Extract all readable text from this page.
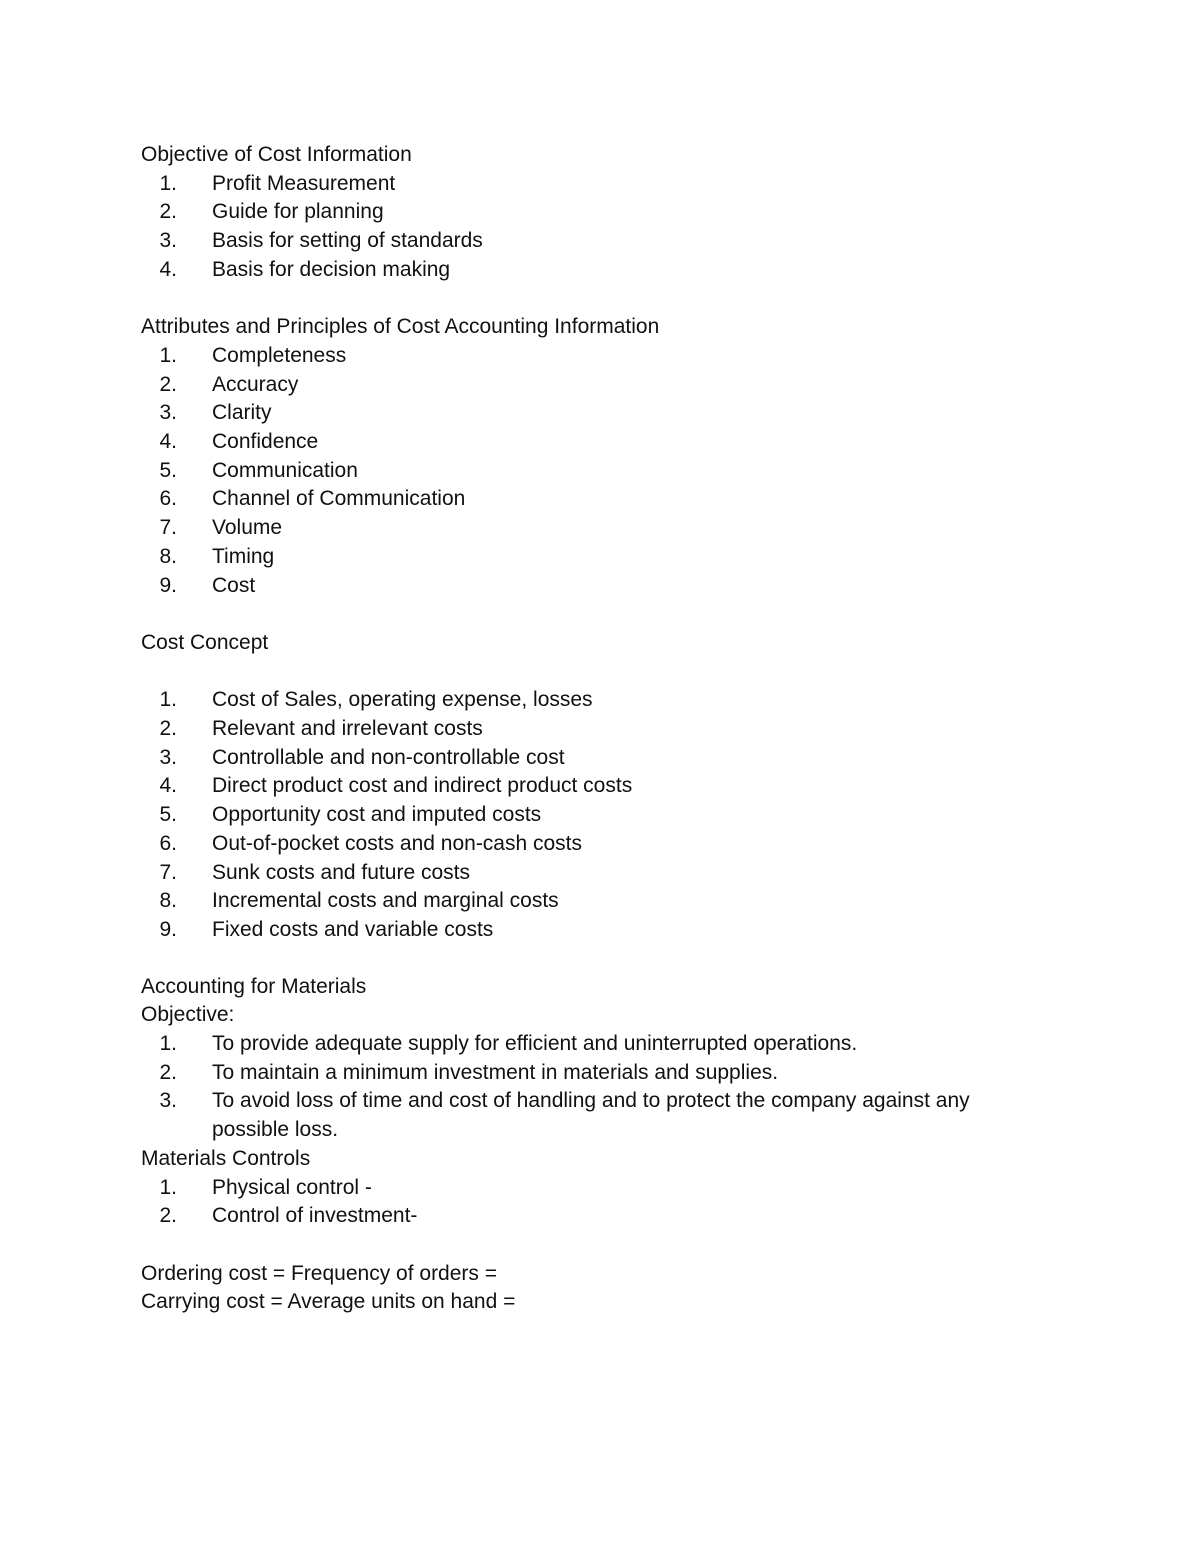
Objective of Cost Information

1.	Profit Measurement
2.	Guide for planning
3.	Basis for setting of standards
4.	Basis for decision making

Attributes and Principles of Cost Accounting Information

1.	Completeness
2.	Accuracy
3.	Clarity
4.	Confidence
5.	Communication
6.	Channel of Communication
7.	Volume
8.	Timing
9.	Cost

Cost Concept

1.	Cost of Sales, operating expense, losses
2.	Relevant and irrelevant costs
3.	Controllable and non-controllable cost
4.	Direct product cost and indirect product costs
5.	Opportunity cost and imputed costs
6.	Out-of-pocket costs and non-cash costs
7.	Sunk costs and future costs
8.	Incremental costs and marginal costs
9.	Fixed costs and variable costs

Accounting for Materials

Objective:

1.	To provide adequate supply for efficient and uninterrupted operations.
2.	To maintain a minimum investment in materials and supplies.
3.	To avoid loss of time and cost of handling and to protect the company against any possible loss.

Materials Controls

1.	Physical control -
2.	Control of investment-

Ordering cost = Frequency of orders =

Carrying cost = Average units on hand =
